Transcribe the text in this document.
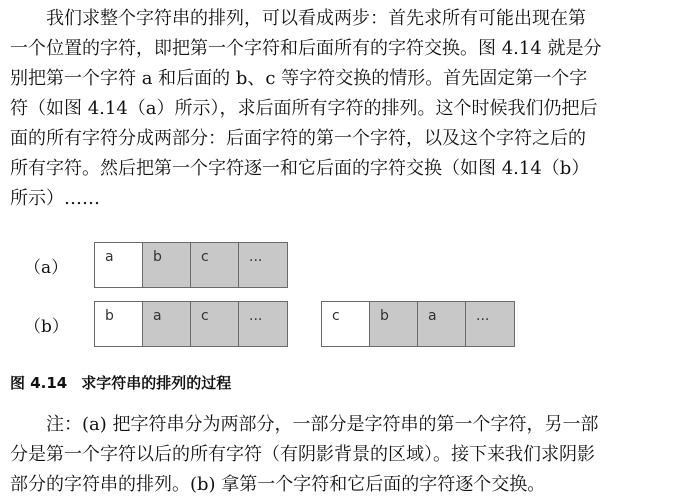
我们求整个字符串的排列，可以看成两步：首先求所有可能出现在第
一个位置的字符，即把第一个字符和后面所有的字符交换。图 4.14 就是分
别把第一个字符 a 和后面的 b、c 等字符交换的情形。首先固定第一个字
符（如图 4.14（a）所示），求后面所有字符的排列。这个时候我们仍把后
面的所有字符分成两部分：后面字符的第一个字符，以及这个字符之后的
所有字符。然后把第一个字符逐一和它后面的字符交换（如图 4.14（b）
所示）……
（a）
a	b	c	...
（b）
b	a	c	...	c	b	a	...
图 4.14 求字符串的排列的过程
注：(a) 把字符串分为两部分，一部分是字符串的第一个字符，另一部
分是第一个字符以后的所有字符（有阴影背景的区域）。接下来我们求阴影
部分的字符串的排列。(b) 拿第一个字符和它后面的字符逐个交换。
